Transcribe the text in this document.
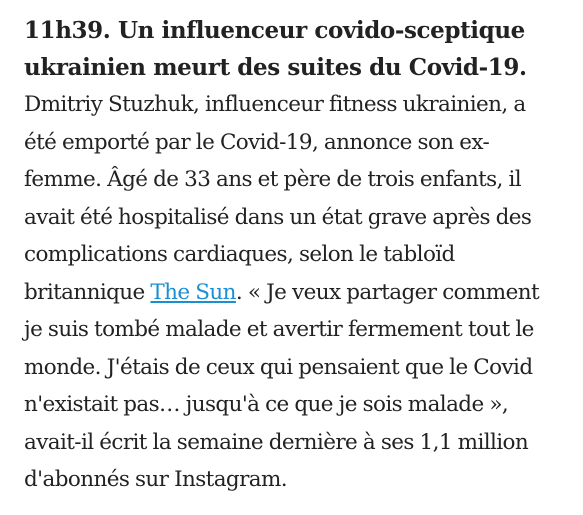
11h39. Un influenceur covido-sceptique
ukrainien meurt des suites du Covid-19.

Dmitriy Stuzhuk, influenceur fitness ukrainien, a
été emporté par le Covid-19, annonce son ex-
femme. Âgé de 33 ans et père de trois enfants, il
avait été hospitalisé dans un état grave après des
complications cardiaques, selon le tabloïd
britannique The Sun. « Je veux partager comment
je suis tombé malade et avertir fermement tout le
monde. J'étais de ceux qui pensaient que le Covid
n'existait pas… jusqu'à ce que je sois malade »,
avait-il écrit la semaine dernière à ses 1,1 million
d'abonnés sur Instagram.
